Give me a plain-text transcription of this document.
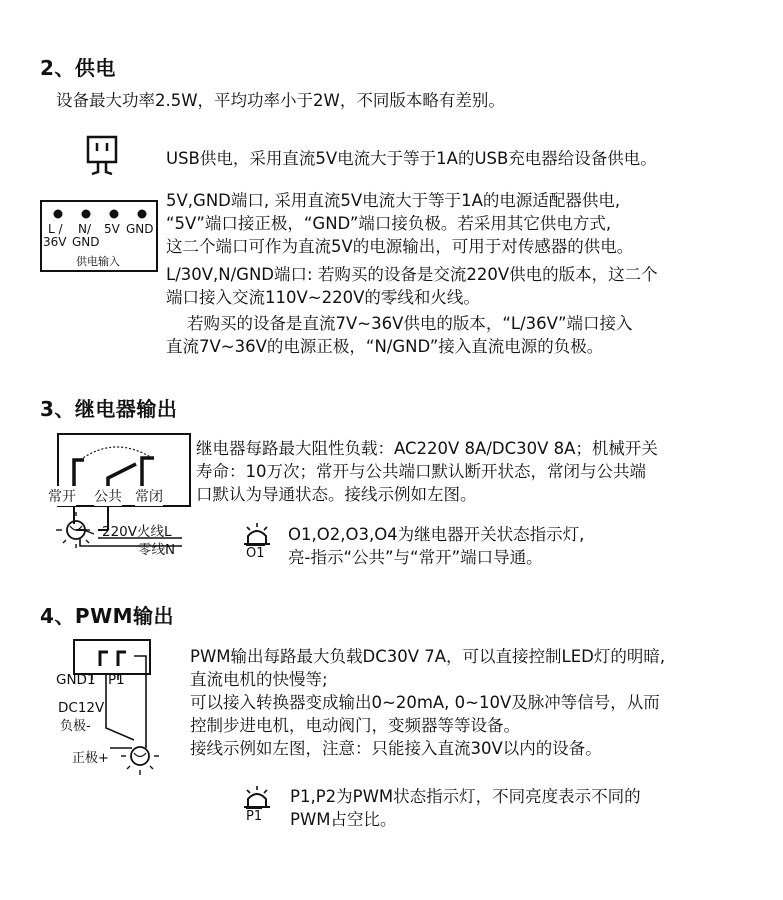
2、供电
设备最大功率2.5W，平均功率小于2W，不同版本略有差别。
USB供电，采用直流5V电流大于等于1A的USB充电器给设备供电。
L / N/ 5V GND
36V GND
供电输入
5V,GND端口, 采用直流5V电流大于等于1A的电源适配器供电,
“5V”端口接正极，“GND”端口接负极。若采用其它供电方式,
这二个端口可作为直流5V的电源输出，可用于对传感器的供电。
L/30V,N/GND端口: 若购买的设备是交流220V供电的版本，这二个
端口接入交流110V~220V的零线和火线。
若购买的设备是直流7V~36V供电的版本，“L/36V”端口接入
直流7V~36V的电源正极，“N/GND”接入直流电源的负极。
3、继电器输出
常开 公共 常闭
220V火线L
零线N
继电器每路最大阻性负载：AC220V 8A/DC30V 8A；机械开关
寿命：10万次；常开与公共端口默认断开状态，常闭与公共端
口默认为导通状态。接线示例如左图。
O1
O1,O2,O3,O4为继电器开关状态指示灯,
亮-指示“公共”与“常开”端口导通。
4、PWM输出
GND1 P1
DC12V
负极-
正极+
PWM输出每路最大负载DC30V 7A，可以直接控制LED灯的明暗,
直流电机的快慢等;
可以接入转换器变成输出0~20mA, 0~10V及脉冲等信号，从而
控制步进电机，电动阀门，变频器等等设备。
接线示例如左图，注意：只能接入直流30V以内的设备。
P1
P1,P2为PWM状态指示灯，不同亮度表示不同的
PWM占空比。
